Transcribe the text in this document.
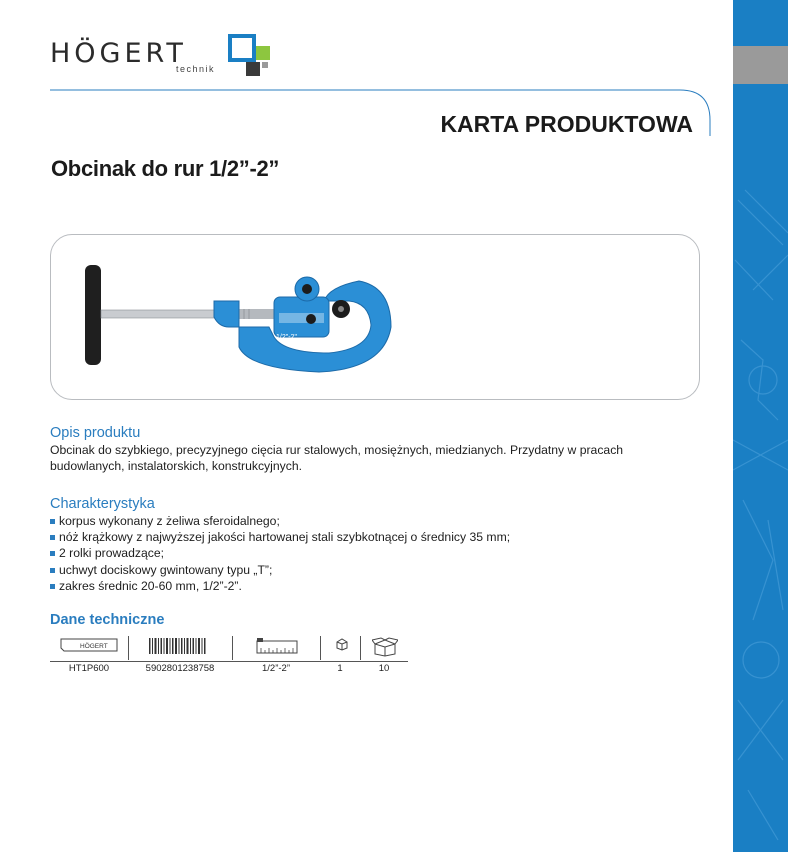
HÖGERT
technik
KARTA PRODUKTOWA
Obcinak do rur 1/2”-2”
1/2"-2"
Opis produktu
Obcinak do szybkiego, precyzyjnego cięcia rur stalowych, mosiężnych, miedzianych. Przydatny w pracach budowlanych, instalatorskich, konstrukcyjnych.
Charakterystyka
korpus wykonany z żeliwa sferoidalnego;
nóż krążkowy z najwyższej jakości hartowanej stali szybkotnącej o średnicy 35 mm;
2 rolki prowadzące;
uchwyt dociskowy gwintowany typu „T”;
zakres średnic 20-60 mm, 1/2”-2”.
Dane techniczne
HÖGERT
HT1P600	5902801238758	1/2”-2”	1	10
